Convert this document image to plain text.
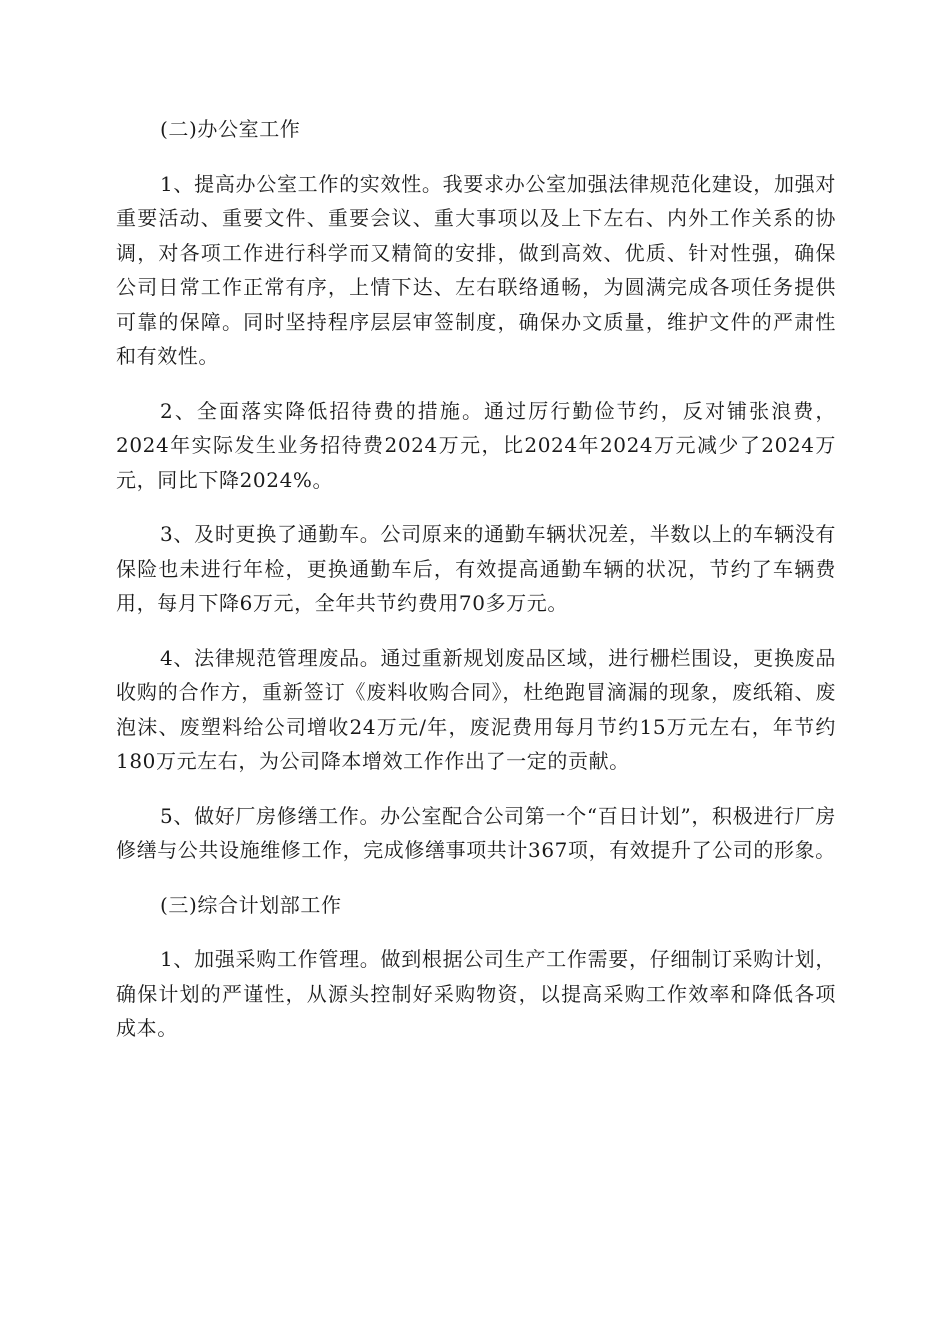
(二)办公室工作

1、提高办公室工作的实效性。我要求办公室加强法律规范化建设，加强对重要活动、重要文件、重要会议、重大事项以及上下左右、内外工作关系的协调，对各项工作进行科学而又精简的安排，做到高效、优质、针对性强，确保公司日常工作正常有序，上情下达、左右联络通畅，为圆满完成各项任务提供可靠的保障。同时坚持程序层层审签制度，确保办文质量，维护文件的严肃性和有效性。

2、全面落实降低招待费的措施。通过厉行勤俭节约，反对铺张浪费，2024年实际发生业务招待费2024万元，比2024年2024万元减少了2024万元，同比下降2024%。

3、及时更换了通勤车。公司原来的通勤车辆状况差，半数以上的车辆没有保险也未进行年检，更换通勤车后，有效提高通勤车辆的状况，节约了车辆费用，每月下降6万元，全年共节约费用70多万元。

4、法律规范管理废品。通过重新规划废品区域，进行栅栏围设，更换废品收购的合作方，重新签订《废料收购合同》，杜绝跑冒滴漏的现象，废纸箱、废泡沫、废塑料给公司增收24万元/年，废泥费用每月节约15万元左右，年节约180万元左右，为公司降本增效工作作出了一定的贡献。

5、做好厂房修缮工作。办公室配合公司第一个“百日计划”，积极进行厂房修缮与公共设施维修工作，完成修缮事项共计367项，有效提升了公司的形象。

(三)综合计划部工作

1、加强采购工作管理。做到根据公司生产工作需要，仔细制订采购计划，确保计划的严谨性，从源头控制好采购物资，以提高采购工作效率和降低各项成本。
